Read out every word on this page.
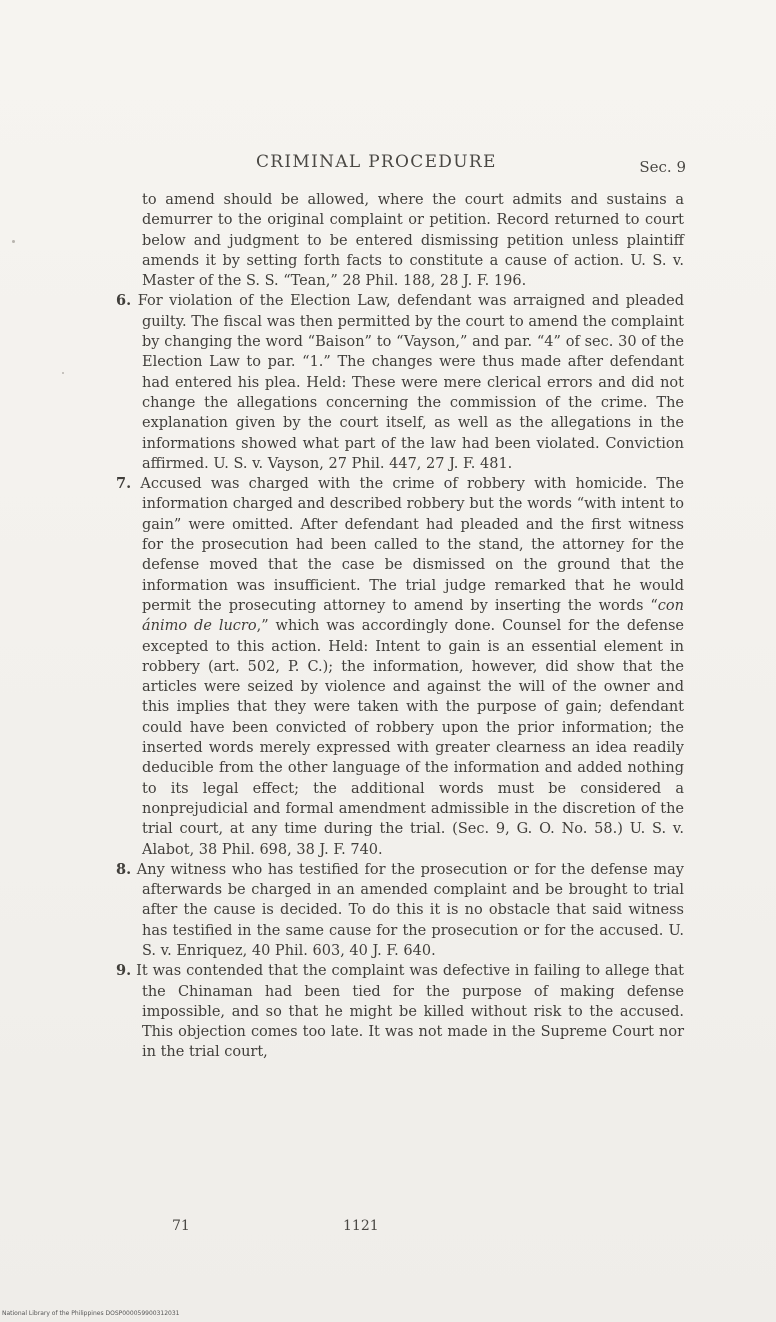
CRIMINAL PROCEDURE	Sec. 9

to amend should be allowed, where the court admits and sustains a demurrer to the original complaint or petition. Record returned to court below and judgment to be entered dismissing petition unless plaintiff amends it by setting forth facts to constitute a cause of action. U. S. v. Master of the S. S. “Tean,” 28 Phil. 188, 28 J. F. 196.

6. For violation of the Election Law, defendant was arraigned and pleaded guilty. The fiscal was then permitted by the court to amend the complaint by changing the word “Baison” to “Vayson,” and par. “4” of sec. 30 of the Election Law to par. “1.” The changes were thus made after defendant had entered his plea. Held: These were mere clerical errors and did not change the allegations concerning the commission of the crime. The explanation given by the court itself, as well as the allegations in the informations showed what part of the law had been violated. Conviction affirmed. U. S. v. Vayson, 27 Phil. 447, 27 J. F. 481.

7. Accused was charged with the crime of robbery with homicide. The information charged and described robbery but the words “with intent to gain” were omitted. After defendant had pleaded and the first witness for the prosecution had been called to the stand, the attorney for the defense moved that the case be dismissed on the ground that the information was insufficient. The trial judge remarked that he would permit the prosecuting attorney to amend by inserting the words “con ánimo de lucro,” which was accordingly done. Counsel for the defense excepted to this action. Held: Intent to gain is an essential element in robbery (art. 502, P. C.); the information, however, did show that the articles were seized by violence and against the will of the owner and this implies that they were taken with the purpose of gain; defendant could have been convicted of robbery upon the prior information; the inserted words merely expressed with greater clearness an idea readily deducible from the other language of the information and added nothing to its legal effect; the additional words must be considered a nonprejudicial and formal amendment admissible in the discretion of the trial court, at any time during the trial. (Sec. 9, G. O. No. 58.) U. S. v. Alabot, 38 Phil. 698, 38 J. F. 740.

8. Any witness who has testified for the prosecution or for the defense may afterwards be charged in an amended complaint and be brought to trial after the cause is decided. To do this it is no obstacle that said witness has testified in the same cause for the prosecution or for the accused. U. S. v. Enriquez, 40 Phil. 603, 40 J. F. 640.

9. It was contended that the complaint was defective in failing to allege that the Chinaman had been tied for the purpose of making defense impossible, and so that he might be killed without risk to the accused. This objection comes too late. It was not made in the Supreme Court nor in the trial court,

71	1121
National Library of the Philippines DOSP000059900312031
